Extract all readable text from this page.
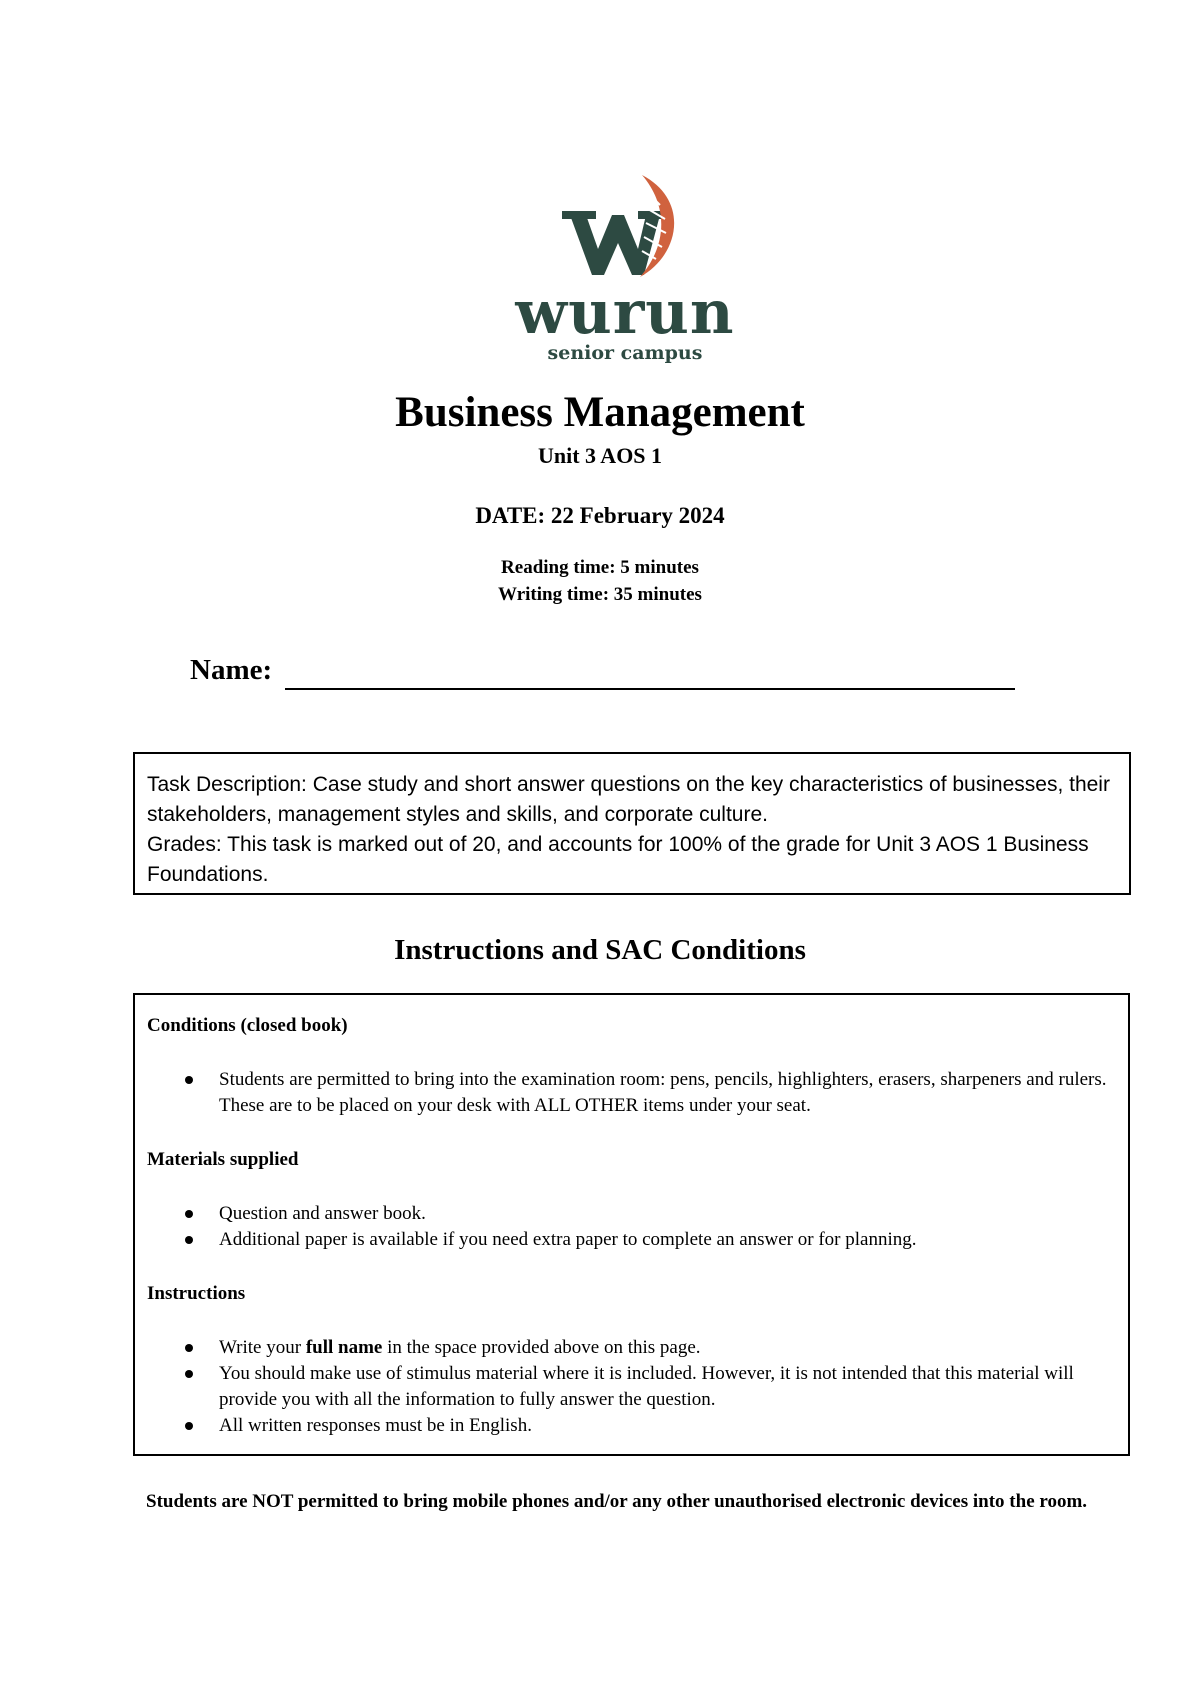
wurun
senior campus
Business Management
Unit 3 AOS 1
DATE: 22 February 2024
Reading time: 5 minutes
Writing time: 35 minutes
Name:

Task Description: Case study and short answer questions on the key characteristics of businesses, their stakeholders, management styles and skills, and corporate culture.

Grades: This task is marked out of 20, and accounts for 100% of the grade for Unit 3 AOS 1 Business Foundations.

Instructions and SAC Conditions
Conditions (closed book)
Students are permitted to bring into the examination room: pens, pencils, highlighters, erasers, sharpeners and rulers. These are to be placed on your desk with ALL OTHER items under your seat.
Materials supplied
Question and answer book.
Additional paper is available if you need extra paper to complete an answer or for planning.
Instructions
Write your full name in the space provided above on this page.
You should make use of stimulus material where it is included. However, it is not intended that this material will provide you with all the information to fully answer the question.
All written responses must be in English.
Students are NOT permitted to bring mobile phones and/or any other unauthorised electronic devices into the room.
